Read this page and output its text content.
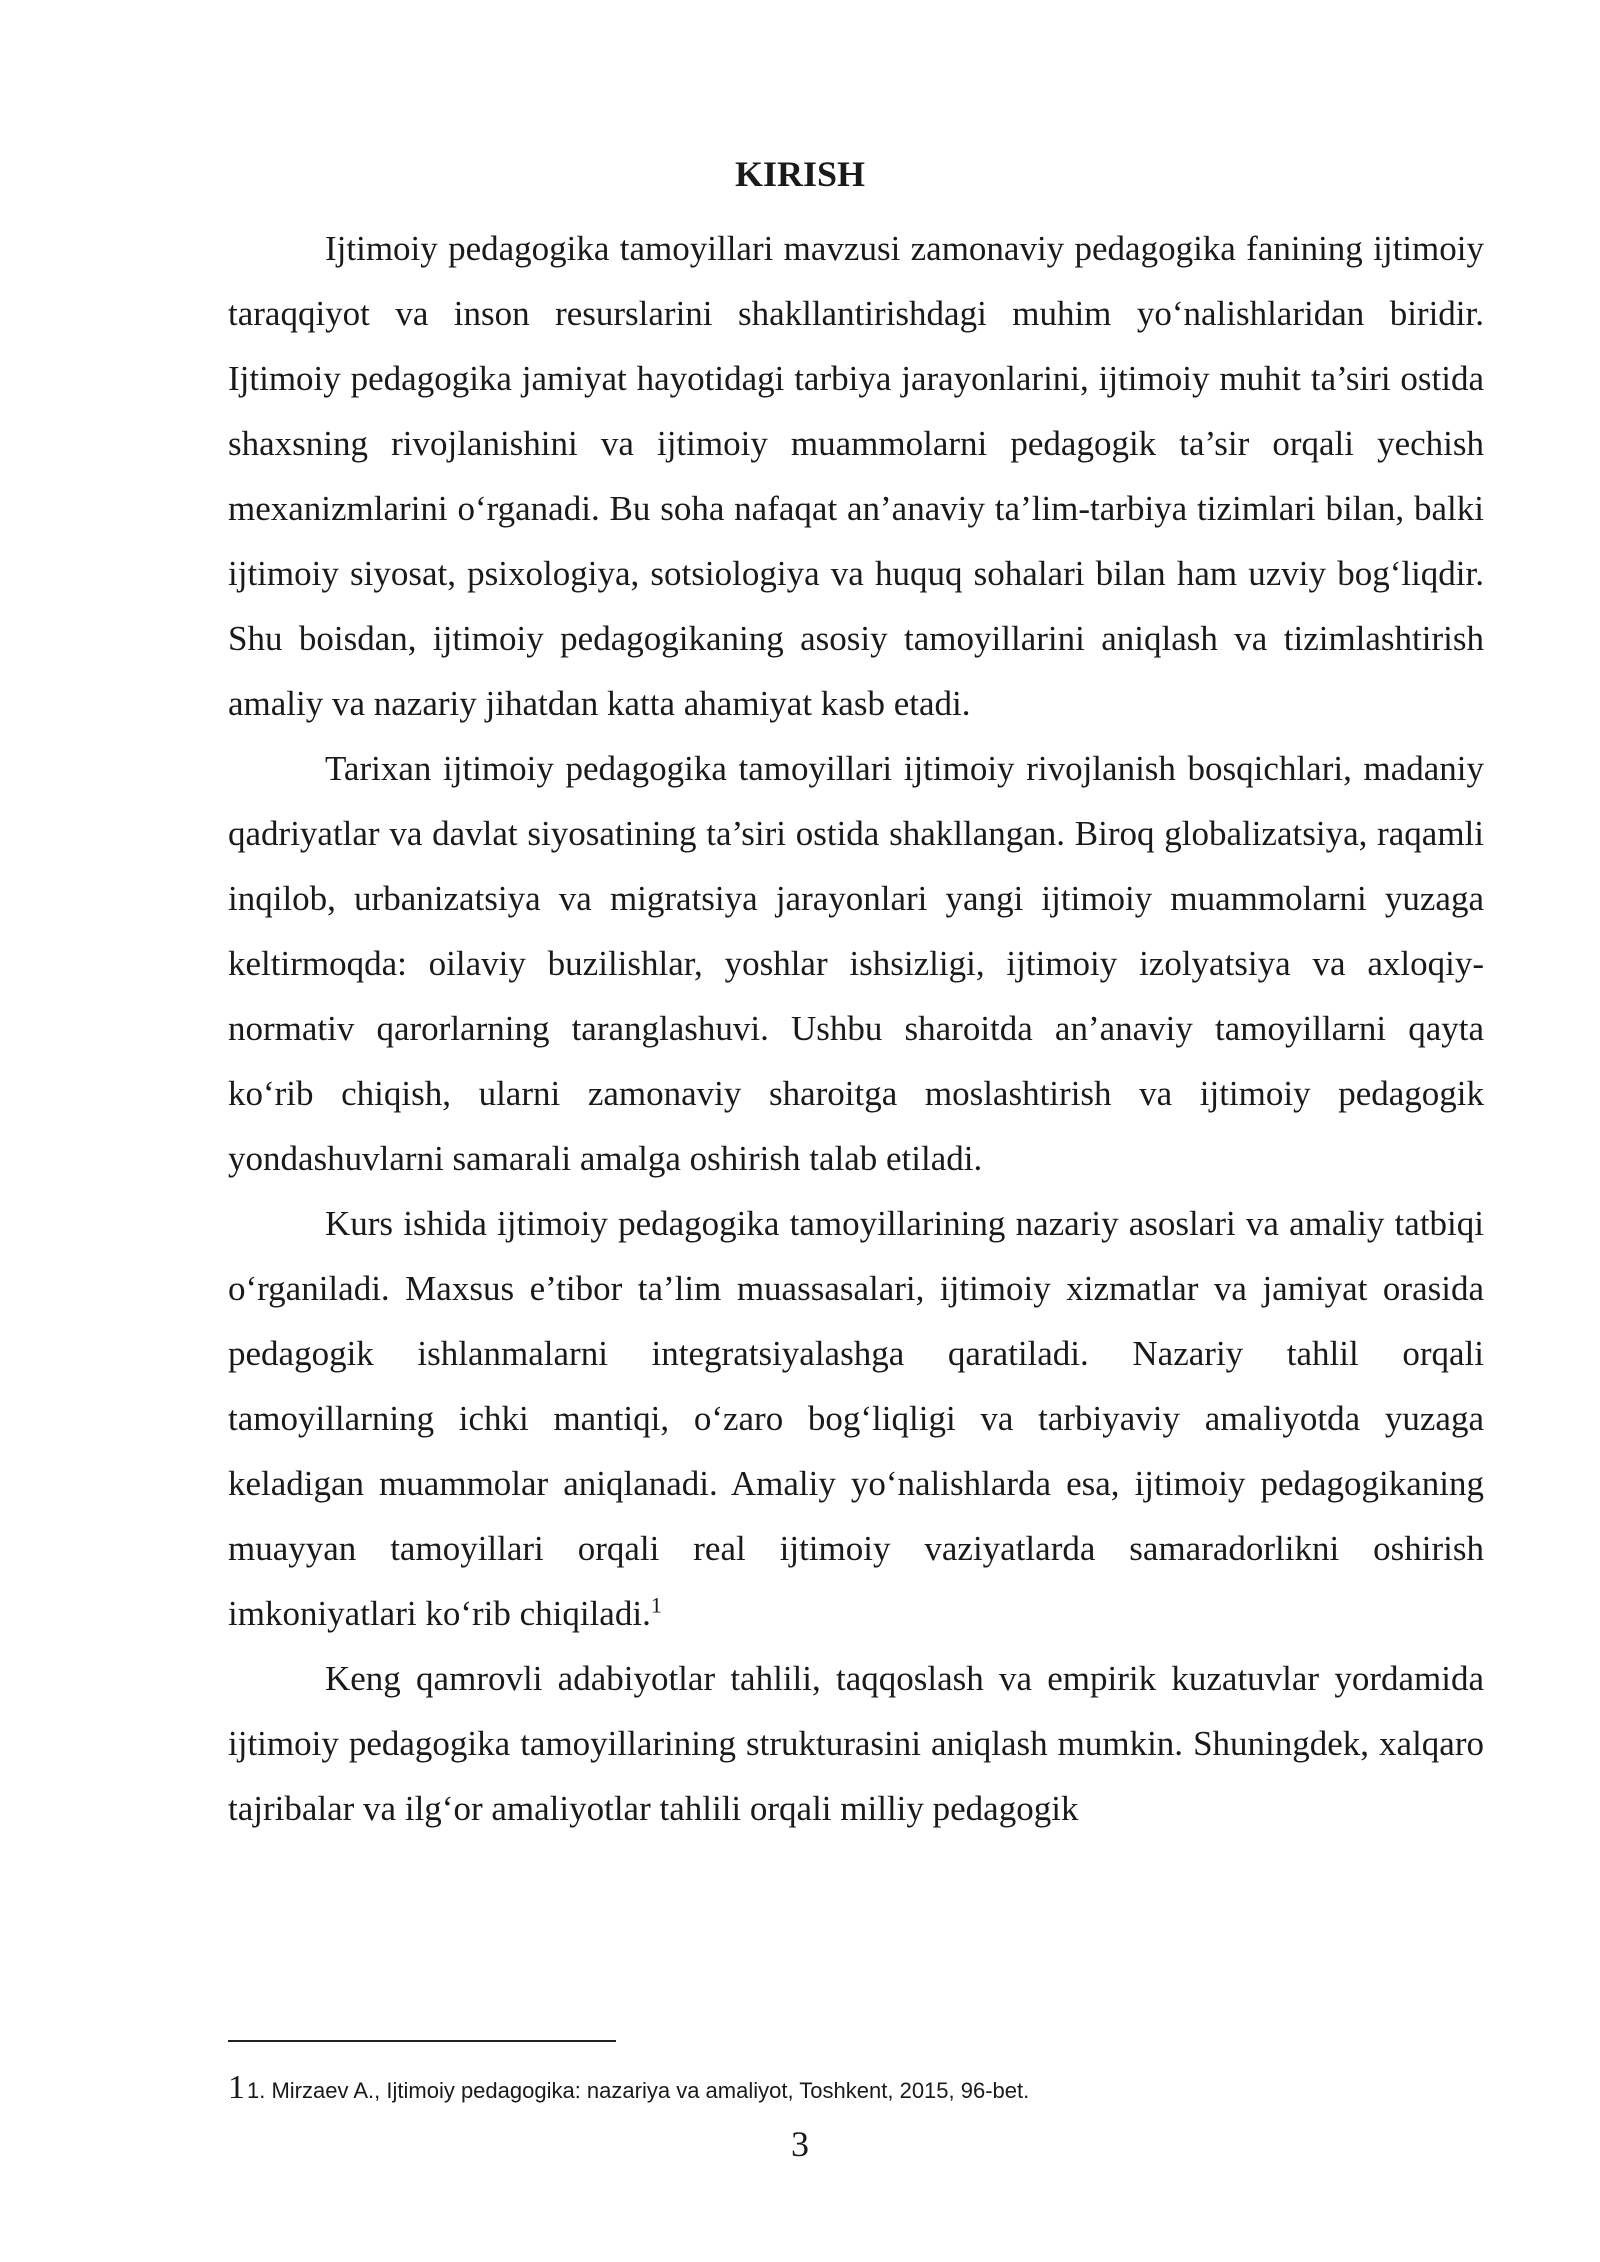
KIRISH

Ijtimoiy pedagogika tamoyillari mavzusi zamonaviy pedagogika fanining ijtimoiy taraqqiyot va inson resurslarini shakllantirishdagi muhim yo‘nalishlaridan biridir. Ijtimoiy pedagogika jamiyat hayotidagi tarbiya jarayonlarini, ijtimoiy muhit ta’siri ostida shaxsning rivojlanishini va ijtimoiy muammolarni pedagogik ta’sir orqali yechish mexanizmlarini o‘rganadi. Bu soha nafaqat an’anaviy ta’lim-tarbiya tizimlari bilan, balki ijtimoiy siyosat, psixologiya, sotsiologiya va huquq sohalari bilan ham uzviy bog‘liqdir. Shu boisdan, ijtimoiy pedagogikaning asosiy tamoyillarini aniqlash va tizimlashtirish amaliy va nazariy jihatdan katta ahamiyat kasb etadi.

Tarixan ijtimoiy pedagogika tamoyillari ijtimoiy rivojlanish bosqichlari, madaniy qadriyatlar va davlat siyosatining ta’siri ostida shakllangan. Biroq globalizatsiya, raqamli inqilob, urbanizatsiya va migratsiya jarayonlari yangi ijtimoiy muammolarni yuzaga keltirmoqda: oilaviy buzilishlar, yoshlar ishsizligi, ijtimoiy izolyatsiya va axloqiy-normativ qarorlarning taranglashuvi. Ushbu sharoitda an’anaviy tamoyillarni qayta ko‘rib chiqish, ularni zamonaviy sharoitga moslashtirish va ijtimoiy pedagogik yondashuvlarni samarali amalga oshirish talab etiladi.

Kurs ishida ijtimoiy pedagogika tamoyillarining nazariy asoslari va amaliy tatbiqi o‘rganiladi. Maxsus e’tibor ta’lim muassasalari, ijtimoiy xizmatlar va jamiyat orasida pedagogik ishlanmalarni integratsiyalashga qaratiladi. Nazariy tahlil orqali tamoyillarning ichki mantiqi, o‘zaro bog‘liqligi va tarbiyaviy amaliyotda yuzaga keladigan muammolar aniqlanadi. Amaliy yo‘nalishlarda esa, ijtimoiy pedagogikaning muayyan tamoyillari orqali real ijtimoiy vaziyatlarda samaradorlikni oshirish imkoniyatlari ko‘rib chiqiladi.$^1$

Keng qamrovli adabiyotlar tahlili, taqqoslash va empirik kuzatuvlar yordamida ijtimoiy pedagogika tamoyillarining strukturasini aniqlash mumkin. Shuningdek, xalqaro tajribalar va ilg‘or amaliyotlar tahlili orqali milliy pedagogik

11. Mirzaev A., Ijtimoiy pedagogika: nazariya va amaliyot, Toshkent, 2015, 96-bet.
3
